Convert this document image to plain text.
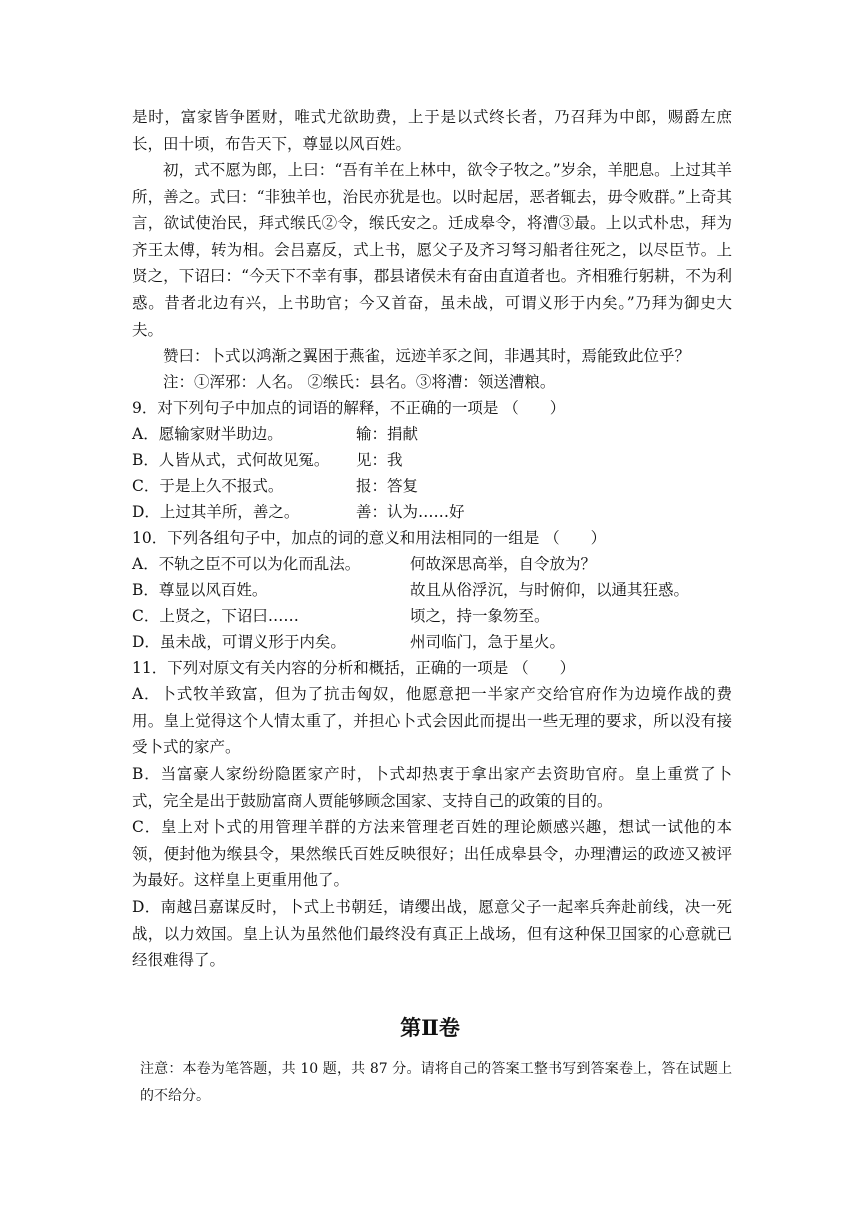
是时，富家皆争匿财，唯式尤欲助费，上于是以式终长者，乃召拜为中郎，赐爵左庶长，田十顷，布告天下，尊显以风百姓。

初，式不愿为郎，上曰：“吾有羊在上林中，欲令子牧之。”岁余，羊肥息。上过其羊所，善之。式曰：“非独羊也，治民亦犹是也。以时起居，恶者辄去，毋令败群。”上奇其言，欲试使治民，拜式缑氏②令，缑氏安之。迁成皋令，将漕③最。上以式朴忠，拜为齐王太傅，转为相。会吕嘉反，式上书，愿父子及齐习弩习船者往死之，以尽臣节。上贤之，下诏曰：“今天下不幸有事，郡县诸侯未有奋由直道者也。齐相雅行躬耕，不为利惑。昔者北边有兴，上书助官；今又首奋，虽未战，可谓义形于内矣。”乃拜为御史大夫。

赞曰：卜式以鸿渐之翼困于燕雀，远迹羊豕之间，非遇其时，焉能致此位乎？

注：①浑邪：人名。 ②缑氏：县名。③将漕：领送漕粮。

9．对下列句子中加点的词语的解释，不正确的一项是 （　　）

A．愿输家财半助边。	输：捐献
B．人皆从式，式何故见冤。 见：我
C．于是上久不报式。	报：答复
D．上过其羊所，善之。	善：认为……好

10．下列各组句子中，加点的词的意义和用法相同的一组是 （　　）

A．不轨之臣不可以为化而乱法。	何故深思高举，自令放为？
B．尊显以风百姓。	故且从俗浮沉，与时俯仰，以通其狂惑。
C．上贤之，下诏曰……	顷之，持一象笏至。
D．虽未战，可谓义形于内矣。	州司临门，急于星火。

11．下列对原文有关内容的分析和概括，正确的一项是 （　　）

A．卜式牧羊致富，但为了抗击匈奴，他愿意把一半家产交给官府作为边境作战的费用。皇上觉得这个人情太重了，并担心卜式会因此而提出一些无理的要求，所以没有接受卜式的家产。

B．当富豪人家纷纷隐匿家产时，卜式却热衷于拿出家产去资助官府。皇上重赏了卜式，完全是出于鼓励富商人贾能够顾念国家、支持自己的政策的目的。

C．皇上对卜式的用管理羊群的方法来管理老百姓的理论颇感兴趣，想试一试他的本领，便封他为缑县令，果然缑氏百姓反映很好；出任成皋县令，办理漕运的政迹又被评为最好。这样皇上更重用他了。

D．南越吕嘉谋反时，卜式上书朝廷，请缨出战，愿意父子一起率兵奔赴前线，决一死战，以力效国。皇上认为虽然他们最终没有真正上战场，但有这种保卫国家的心意就已经很难得了。

第Ⅱ卷

注意：本卷为笔答题，共 10 题，共 87 分。请将自己的答案工整书写到答案卷上，答在试题上的不给分。
